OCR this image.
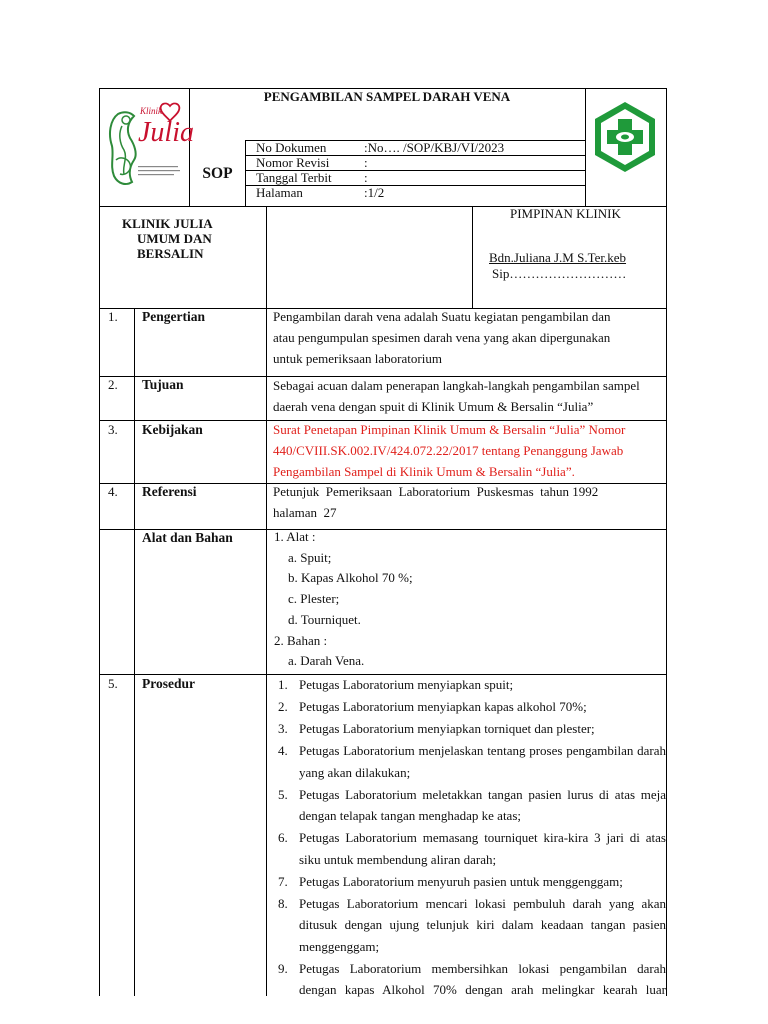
Klinik
Julia
PENGAMBILAN SAMPEL DARAH VENA
SOP
No Dokumen	:No…. /SOP/KBJ/VI/2023
Nomor Revisi	:
Tanggal Terbit :
Halaman	:1/2
KLINIK JULIA
UMUM DAN
BERSALIN
PIMPINAN KLINIK
Bdn.Juliana J.M S.Ter.keb
Sip………………………
1. Pengertian	Pengambilan darah vena adalah Suatu kegiatan pengambilan dan
atau pengumpulan spesimen darah vena yang akan dipergunakan
untuk pemeriksaan laboratorium
2. Tujuan	Sebagai acuan dalam penerapan langkah-langkah pengambilan sampel
daerah vena dengan spuit di Klinik Umum & Bersalin “Julia”
3. Kebijakan	Surat Penetapan Pimpinan Klinik Umum & Bersalin “Julia” Nomor
440/CVIII.SK.002.IV/424.072.22/2017 tentang Penanggung Jawab
Pengambilan Sampel di Klinik Umum & Bersalin “Julia”.
4. Referensi	Petunjuk  Pemeriksaan  Laboratorium  Puskesmas  tahun 1992
halaman  27
Alat dan Bahan	1. Alat :
a. Spuit;
b. Kapas Alkohol 70 %;
c. Plester;
d. Tourniquet.
2. Bahan :
a. Darah Vena.
5. Prosedur	1. Petugas Laboratorium menyiapkan spuit;
2. Petugas Laboratorium menyiapkan kapas alkohol 70%;
3. Petugas Laboratorium menyiapkan torniquet dan plester;
4. Petugas Laboratorium menjelaskan tentang proses pengambilan darah yang akan dilakukan;
5. Petugas Laboratorium meletakkan tangan pasien lurus di atas meja dengan telapak tangan menghadap ke atas;
6. Petugas Laboratorium memasang tourniquet kira-kira 3 jari di atas siku untuk membendung aliran darah;
7. Petugas Laboratorium menyuruh pasien untuk menggenggam;
8. Petugas Laboratorium mencari lokasi pembuluh darah yang akan ditusuk dengan ujung telunjuk kiri dalam keadaan tangan pasien menggenggam;
9. Petugas Laboratorium membersihkan lokasi pengambilan darah dengan kapas Alkohol 70% dengan arah melingkar kearah luar
